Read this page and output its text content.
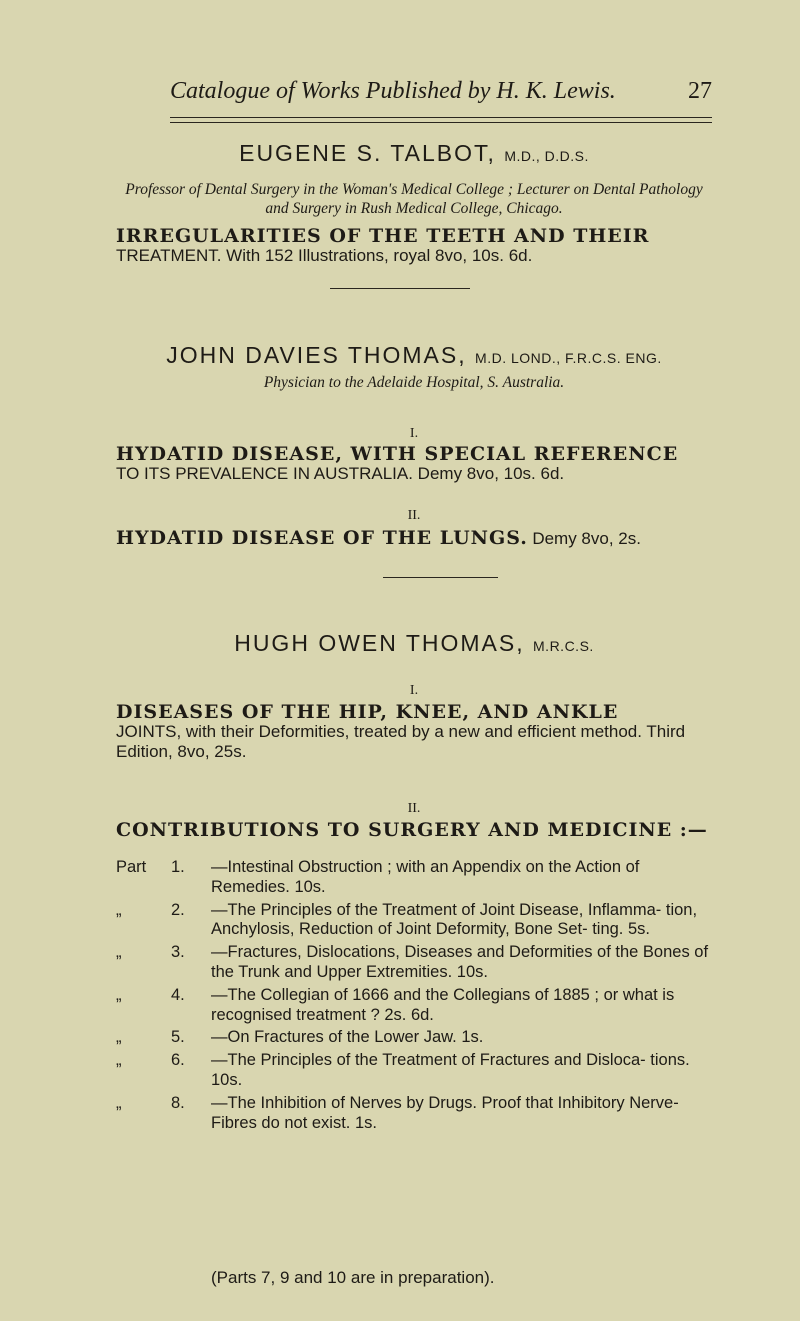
Catalogue of Works Published by H. K. Lewis.	27
EUGENE S. TALBOT, M.D., D.D.S.
Professor of Dental Surgery in the Woman's Medical College ; Lecturer on Dental Pathology and Surgery in Rush Medical College, Chicago.
IRREGULARITIES OF THE TEETH AND THEIR
TREATMENT. With 152 Illustrations, royal 8vo, 10s. 6d.
JOHN DAVIES THOMAS, M.D. LOND., F.R.C.S. ENG.
Physician to the Adelaide Hospital, S. Australia.
I.
HYDATID DISEASE, WITH SPECIAL REFERENCE
TO ITS PREVALENCE IN AUSTRALIA. Demy 8vo, 10s. 6d.
II.
HYDATID DISEASE OF THE LUNGS. Demy 8vo, 2s.
HUGH OWEN THOMAS, M.R.C.S.
I.
DISEASES OF THE HIP, KNEE, AND ANKLE
JOINTS, with their Deformities, treated by a new and efficient method. Third Edition, 8vo, 25s.
II.
CONTRIBUTIONS TO SURGERY AND MEDICINE :—
Part 1. —Intestinal Obstruction ; with an Appendix on the Action of Remedies. 10s.
„	2. —The Principles of the Treatment of Joint Disease, Inflamma- tion, Anchylosis, Reduction of Joint Deformity, Bone Set- ting. 5s.
„	3. —Fractures, Dislocations, Diseases and Deformities of the Bones of the Trunk and Upper Extremities. 10s.
„	4. —The Collegian of 1666 and the Collegians of 1885 ; or what is recognised treatment ? 2s. 6d.
„	5. —On Fractures of the Lower Jaw. 1s.
„	6. —The Principles of the Treatment of Fractures and Disloca- tions. 10s.
„	8. —The Inhibition of Nerves by Drugs. Proof that Inhibitory Nerve-Fibres do not exist. 1s.
(Parts 7, 9 and 10 are in preparation).
